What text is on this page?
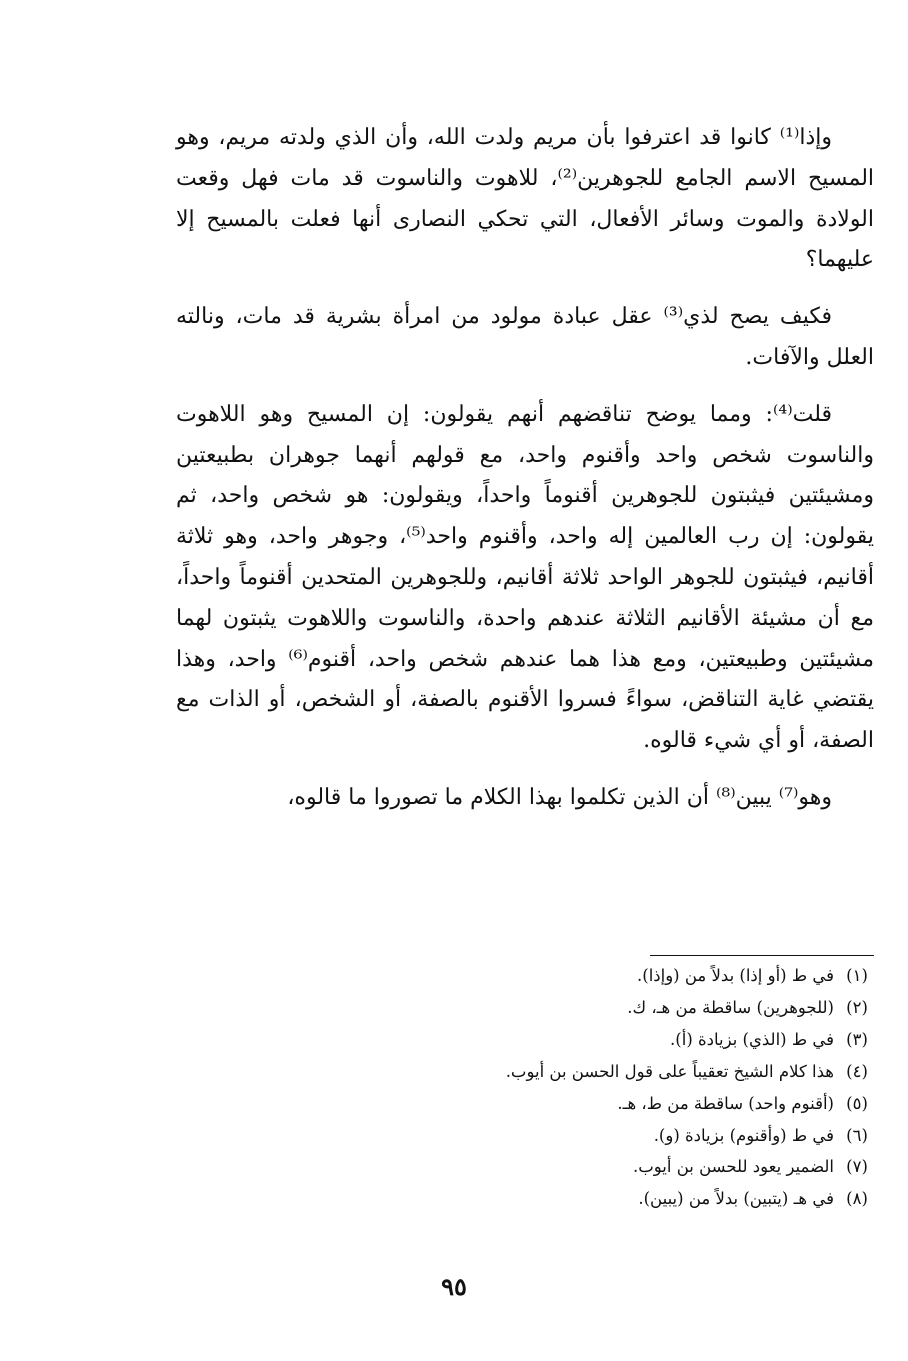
وإذا⁽¹⁾ كانوا قد اعترفوا بأن مريم ولدت الله، وأن الذي ولدته مريم، وهو المسيح الاسم الجامع للجوهرين⁽²⁾، للاهوت والناسوت قد مات فهل وقعت الولادة والموت وسائر الأفعال، التي تحكي النصارى أنها فعلت بالمسيح إلا عليهما؟

فكيف يصح لذي⁽³⁾ عقل عبادة مولود من امرأة بشرية قد مات، ونالته العلل والآفات.

قلت⁽⁴⁾: ومما يوضح تناقضهم أنهم يقولون: إن المسيح وهو اللاهوت والناسوت شخص واحد وأقنوم واحد، مع قولهم أنهما جوهران بطبيعتين ومشيئتين فيثبتون للجوهرين أقنوماً واحداً، ويقولون: هو شخص واحد، ثم يقولون: إن رب العالمين إله واحد، وأقنوم واحد⁽⁵⁾، وجوهر واحد، وهو ثلاثة أقانيم، فيثبتون للجوهر الواحد ثلاثة أقانيم، وللجوهرين المتحدين أقنوماً واحداً، مع أن مشيئة الأقانيم الثلاثة عندهم واحدة، والناسوت واللاهوت يثبتون لهما مشيئتين وطبيعتين، ومع هذا هما عندهم شخص واحد، أقنوم⁽⁶⁾ واحد، وهذا يقتضي غاية التناقض، سواءً فسروا الأقنوم بالصفة، أو الشخص، أو الذات مع الصفة، أو أي شيء قالوه.

وهو⁽⁷⁾ يبين⁽⁸⁾ أن الذين تكلموا بهذا الكلام ما تصوروا ما قالوه،

(١)في ط (أو إذا) بدلاً من (وإذا).
(٢)(للجوهرين) ساقطة من هـ، ك.
(٣)في ط (الذي) بزيادة (أ).
(٤)هذا كلام الشيخ تعقيباً على قول الحسن بن أيوب.
(٥)(أقنوم واحد) ساقطة من ط، هـ.
(٦)في ط (وأقنوم) بزيادة (و).
(٧)الضمير يعود للحسن بن أيوب.
(٨)في هـ (يتبين) بدلاً من (يبين).
٩٥
